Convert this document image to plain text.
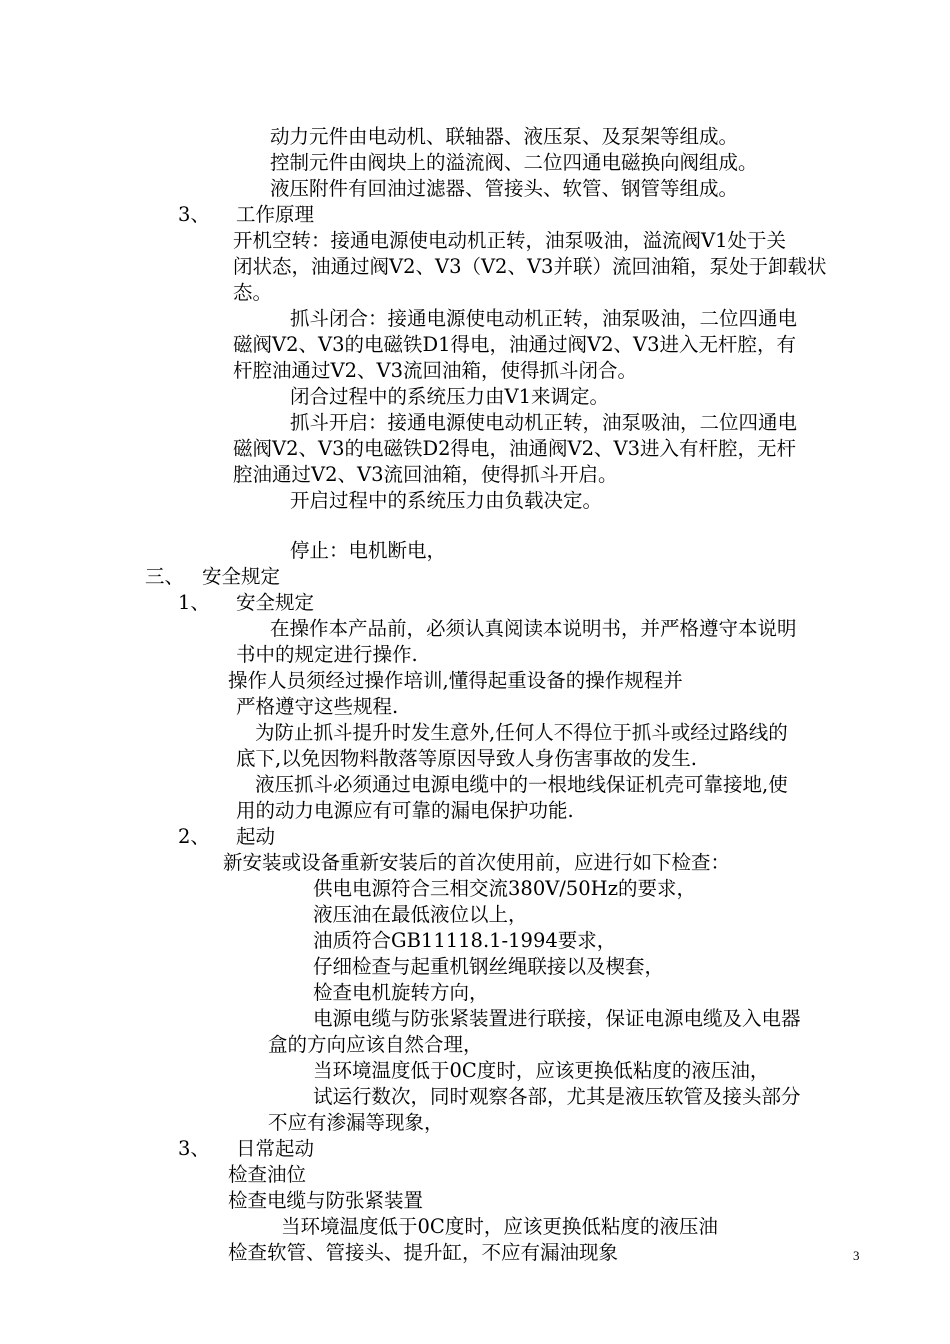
动力元件由电动机、联轴器、液压泵、及泵架等组成。
控制元件由阀块上的溢流阀、二位四通电磁换向阀组成。
液压附件有回油过滤器、管接头、软管、钢管等组成。
3、 工作原理
开机空转：接通电源使电动机正转，油泵吸油，溢流阀V1处于关
闭状态，油通过阀V2、V3（V2、V3并联）流回油箱，泵处于卸载状
态。
抓斗闭合：接通电源使电动机正转，油泵吸油，二位四通电
磁阀V2、V3的电磁铁D1得电，油通过阀V2、V3进入无杆腔，有
杆腔油通过V2、V3流回油箱，使得抓斗闭合。
闭合过程中的系统压力由V1来调定。
抓斗开启：接通电源使电动机正转，油泵吸油，二位四通电
磁阀V2、V3的电磁铁D2得电，油通阀V2、V3进入有杆腔，无杆
腔油通过V2、V3流回油箱，使得抓斗开启。
开启过程中的系统压力由负载决定。
停止：电机断电，
三、 安全规定
1、 安全规定
在操作本产品前，必须认真阅读本说明书，并严格遵守本说明
书中的规定进行操作.
操作人员须经过操作培训,懂得起重设备的操作规程并
严格遵守这些规程.
为防止抓斗提升时发生意外,任何人不得位于抓斗或经过路线的
底下,以免因物料散落等原因导致人身伤害事故的发生.
液压抓斗必须通过电源电缆中的一根地线保证机壳可靠接地,使
用的动力电源应有可靠的漏电保护功能.
2、 起动
新安装或设备重新安装后的首次使用前，应进行如下检查：
供电电源符合三相交流380V/50Hz的要求，
液压油在最低液位以上，
油质符合GB11118.1-1994要求，
仔细检查与起重机钢丝绳联接以及楔套，
检查电机旋转方向，
电源电缆与防张紧装置进行联接，保证电源电缆及入电器
盒的方向应该自然合理，
当环境温度低于0C度时，应该更换低粘度的液压油，
试运行数次，同时观察各部，尤其是液压软管及接头部分
不应有渗漏等现象，
3、 日常起动
检查油位
检查电缆与防张紧装置
当环境温度低于0C度时，应该更换低粘度的液压油
检查软管、管接头、提升缸，不应有漏油现象	3
